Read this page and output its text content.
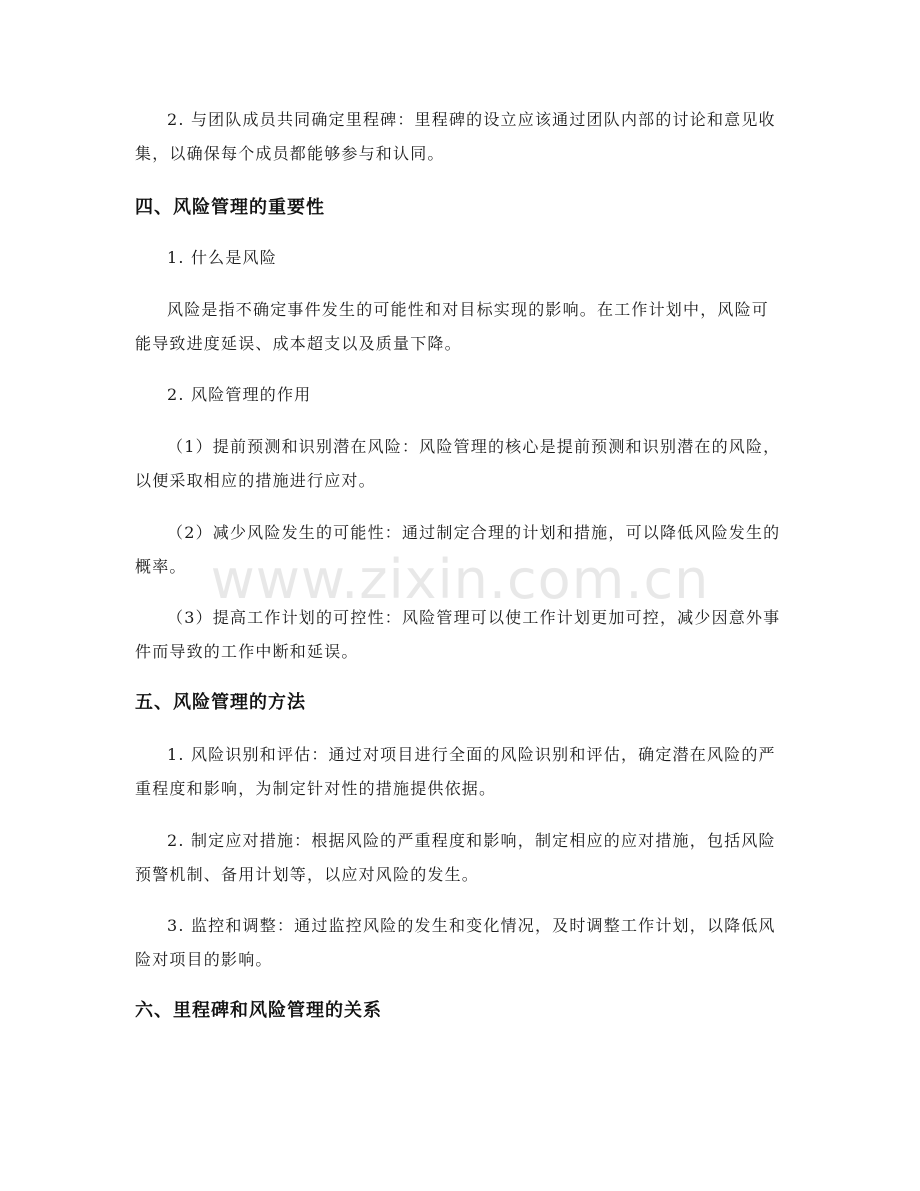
2. 与团队成员共同确定里程碑：里程碑的设立应该通过团队内部的讨论和意见收集，以确保每个成员都能够参与和认同。

四、风险管理的重要性

1. 什么是风险

风险是指不确定事件发生的可能性和对目标实现的影响。在工作计划中，风险可能导致进度延误、成本超支以及质量下降。

2. 风险管理的作用

（1）提前预测和识别潜在风险：风险管理的核心是提前预测和识别潜在的风险，以便采取相应的措施进行应对。

（2）减少风险发生的可能性：通过制定合理的计划和措施，可以降低风险发生的概率。

（3）提高工作计划的可控性：风险管理可以使工作计划更加可控，减少因意外事件而导致的工作中断和延误。

五、风险管理的方法

1. 风险识别和评估：通过对项目进行全面的风险识别和评估，确定潜在风险的严重程度和影响，为制定针对性的措施提供依据。

2. 制定应对措施：根据风险的严重程度和影响，制定相应的应对措施，包括风险预警机制、备用计划等，以应对风险的发生。

3. 监控和调整：通过监控风险的发生和变化情况，及时调整工作计划，以降低风险对项目的影响。

六、里程碑和风险管理的关系
www.zixin.com.cn
